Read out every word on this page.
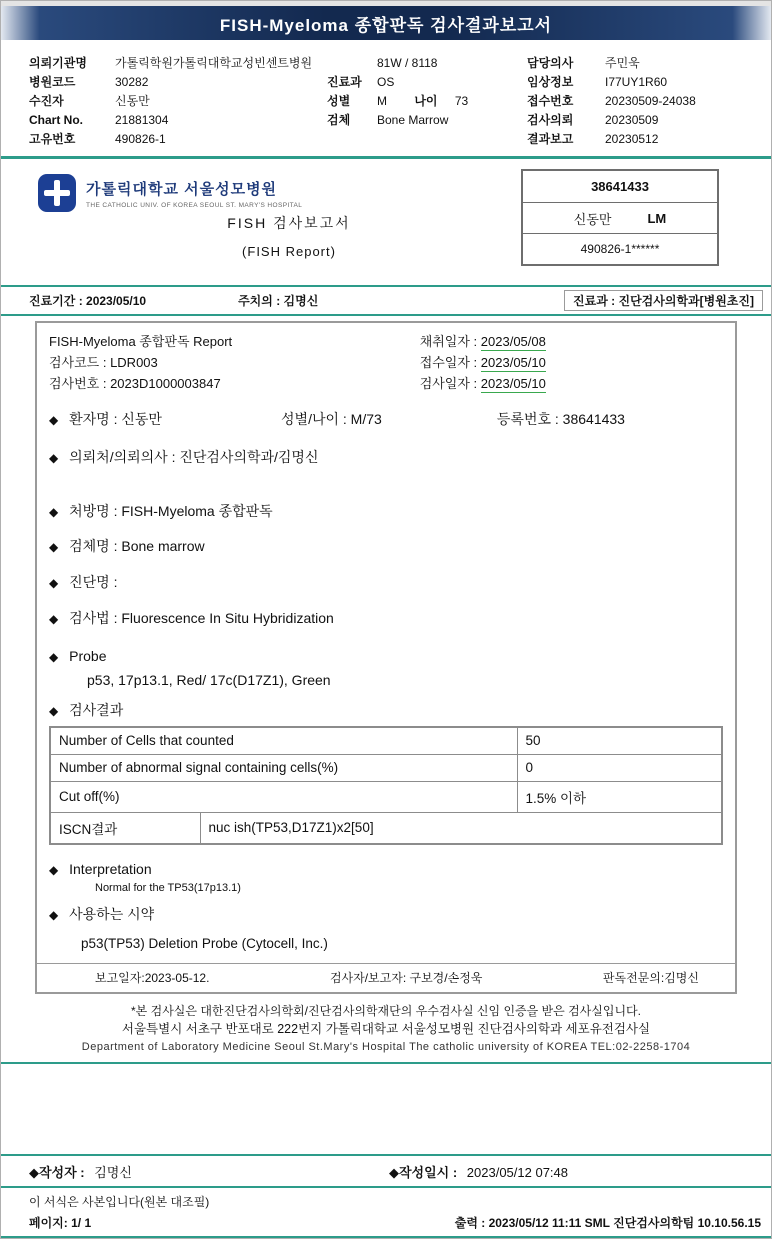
FISH-Myeloma 종합판독 검사결과보고서
의뢰기관명	가톨릭학원가톨릭대학교성빈센트병원	81W / 8118	담당의사	주민욱
병원코드	30282	진료과	OS	임상정보	I77UY1R60
수진자	신동만	성별	M 나이 73	접수번호	20230509-24038
Chart No.	21881304	검체	Bone Marrow	검사의뢰	20230509
고유번호	490826-1	결과보고	20230512
가톨릭대학교 서울성모병원
THE CATHOLIC UNIV. OF KOREA SEOUL ST. MARY'S HOSPITAL
FISH 검사보고서
(FISH Report)
38641433
신동만	LM
490826-1******
진료기간 : 2023/05/10	주치의 : 김명신	진료과 : 진단검사의학과[병원초진]
FISH-Myeloma 종합판독 Report
검사코드 : LDR003
검사번호 : 2023D1000003847
채취일자 : 2023/05/08
접수일자 : 2023/05/10
검사일자 : 2023/05/10
◆ 환자명 : 신동만	성별/나이 : M/73	등록번호 : 38641433
◆ 의뢰처/의뢰의사 : 진단검사의학과/김명신
◆ 처방명 : FISH-Myeloma 종합판독
◆ 검체명 : Bone marrow
◆ 진단명 :
◆ 검사법 : Fluorescence In Situ Hybridization
◆ Probe
p53, 17p13.1, Red/ 17c(D17Z1), Green
◆ 검사결과
Number of Cells that counted		50
Number of abnormal signal containing cells(%)		0
Cut off(%)		1.5% 이하
ISCN결과	nuc ish(TP53,D17Z1)x2[50]	
◆ Interpretation
Normal for the TP53(17p13.1)
◆ 사용하는 시약
p53(TP53) Deletion Probe (Cytocell, Inc.)
보고일자:2023-05-12.	검사자/보고자: 구보경/손정욱	판독전문의:김명신
*본 검사실은 대한진단검사의학회/진단검사의학재단의 우수검사실 신임 인증을 받은 검사실입니다.
서울특별시 서초구 반포대로 222번지 가톨릭대학교 서울성모병원 진단검사의학과 세포유전검사실
Department of Laboratory Medicine Seoul St.Mary's Hospital The catholic university of KOREA TEL:02-2258-1704
◆작성자 : 김명신	◆작성일시 : 2023/05/12 07:48
이 서식은 사본입니다(원본 대조필)
페이지: 1/ 1	출력 : 2023/05/12 11:11 SML 진단검사의학팀 10.10.56.15
